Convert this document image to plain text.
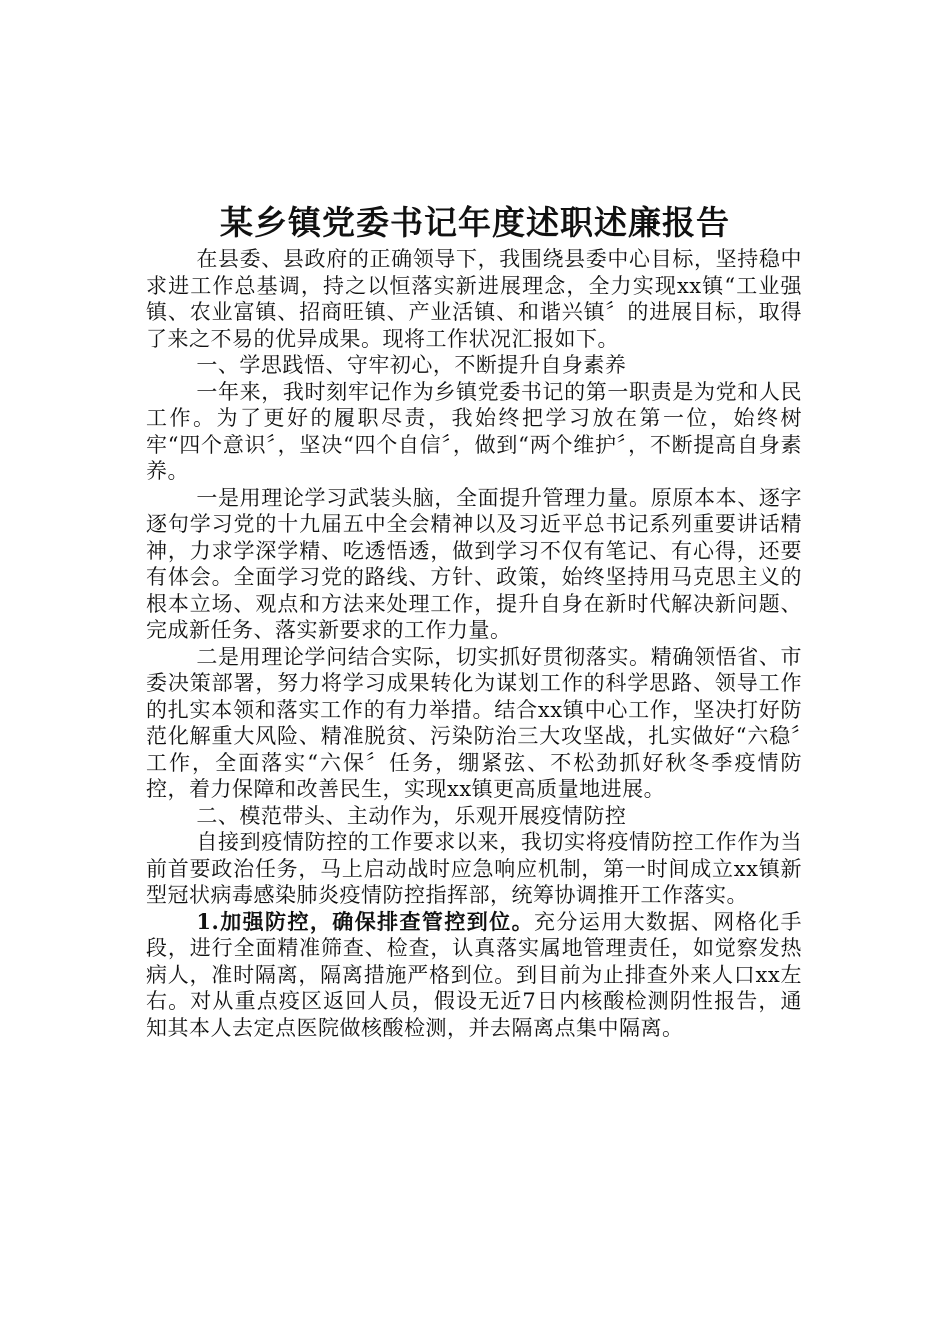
某乡镇党委书记年度述职述廉报告

在县委、县政府的正确领导下，我围绕县委中心目标，坚持稳中求进工作总基调，持之以恒落实新进展理念，全力实现xx镇“工业强镇、农业富镇、招商旺镇、产业活镇、和谐兴镇〞的进展目标，取得了来之不易的优异成果。现将工作状况汇报如下。

一、学思践悟、守牢初心，不断提升自身素养

一年来，我时刻牢记作为乡镇党委书记的第一职责是为党和人民工作。为了更好的履职尽责，我始终把学习放在第一位，始终树牢“四个意识〞，坚决“四个自信〞，做到“两个维护〞，不断提高自身素养。

一是用理论学习武装头脑，全面提升管理力量。原原本本、逐字逐句学习党的十九届五中全会精神以及习近平总书记系列重要讲话精神，力求学深学精、吃透悟透，做到学习不仅有笔记、有心得，还要有体会。全面学习党的路线、方针、政策，始终坚持用马克思主义的根本立场、观点和方法来处理工作，提升自身在新时代解决新问题、完成新任务、落实新要求的工作力量。

二是用理论学问结合实际，切实抓好贯彻落实。精确领悟省、市委决策部署，努力将学习成果转化为谋划工作的科学思路、领导工作的扎实本领和落实工作的有力举措。结合xx镇中心工作，坚决打好防范化解重大风险、精准脱贫、污染防治三大攻坚战，扎实做好“六稳〞工作，全面落实“六保〞任务，绷紧弦、不松劲抓好秋冬季疫情防控，着力保障和改善民生，实现xx镇更高质量地进展。

二、模范带头、主动作为，乐观开展疫情防控

自接到疫情防控的工作要求以来，我切实将疫情防控工作作为当前首要政治任务，马上启动战时应急响应机制，第一时间成立xx镇新型冠状病毒感染肺炎疫情防控指挥部，统筹协调推开工作落实。

1.加强防控，确保排查管控到位。充分运用大数据、网格化手段，进行全面精准筛查、检查，认真落实属地管理责任，如觉察发热病人，准时隔离，隔离措施严格到位。到目前为止排查外来人口xx左右。对从重点疫区返回人员，假设无近7日内核酸检测阴性报告，通知其本人去定点医院做核酸检测，并去隔离点集中隔离。
